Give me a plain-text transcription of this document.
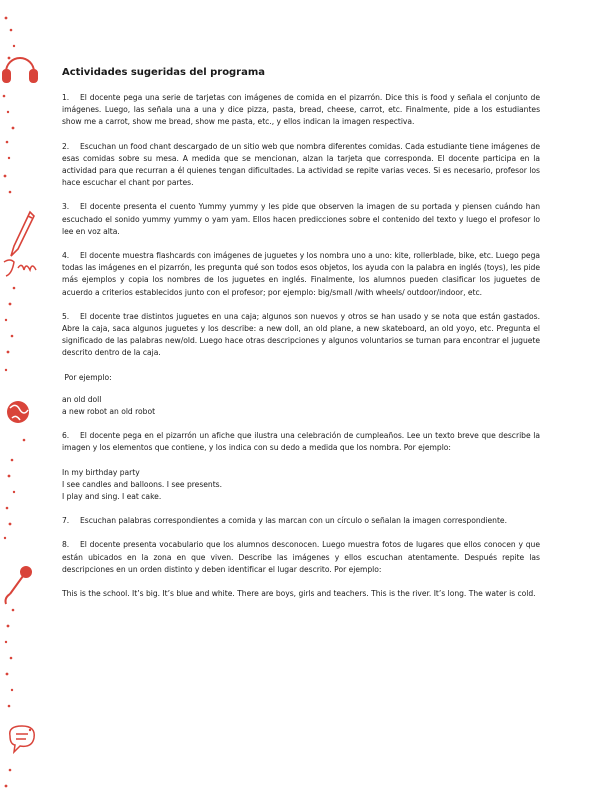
Actividades sugeridas del programa
1. El docente pega una serie de tarjetas con imágenes de comida en el pizarrón. Dice this is food y señala el conjunto de imágenes. Luego, las señala una a una y dice pizza, pasta, bread, cheese, carrot, etc. Finalmente, pide a los estudiantes show me a carrot, show me bread, show me pasta, etc., y ellos indican la imagen respectiva.
2. Escuchan un food chant descargado de un sitio web que nombra diferentes comidas. Cada estudiante tiene imágenes de esas comidas sobre su mesa. A medida que se mencionan, alzan la tarjeta que corresponda. El docente participa en la actividad para que recurran a él quienes tengan dificultades. La actividad se repite varias veces. Si es necesario, profesor los hace escuchar el chant por partes.
3. El docente presenta el cuento Yummy yummy y les pide que observen la imagen de su portada y piensen cuándo han escuchado el sonido yummy yummy o yam yam. Ellos hacen predicciones sobre el contenido del texto y luego el profesor lo lee en voz alta.
4. El docente muestra flashcards con imágenes de juguetes y los nombra uno a uno: kite, rollerblade, bike, etc. Luego pega todas las imágenes en el pizarrón, les pregunta qué son todos esos objetos, los ayuda con la palabra en inglés (toys), les pide más ejemplos y copia los nombres de los juguetes en inglés. Finalmente, los alumnos pueden clasificar los juguetes de acuerdo a criterios establecidos junto con el profesor; por ejemplo: big/small /with wheels/ outdoor/indoor, etc.
5. El docente trae distintos juguetes en una caja; algunos son nuevos y otros se han usado y se nota que están gastados. Abre la caja, saca algunos juguetes y los describe: a new doll, an old plane, a new skateboard, an old yoyo, etc. Pregunta el significado de las palabras new/old. Luego hace otras descripciones y algunos voluntarios se turnan para encontrar el juguete descrito dentro de la caja.
Por ejemplo:
an old doll
a new robot an old robot
6. El docente pega en el pizarrón un afiche que ilustra una celebración de cumpleaños. Lee un texto breve que describe la imagen y los elementos que contiene, y los indica con su dedo a medida que los nombra. Por ejemplo:
In my birthday party
I see candles and balloons. I see presents.
I play and sing. I eat cake.
7. Escuchan palabras correspondientes a comida y las marcan con un círculo o señalan la imagen correspondiente.
8. El docente presenta vocabulario que los alumnos desconocen. Luego muestra fotos de lugares que ellos conocen y que están ubicados en la zona en que viven. Describe las imágenes y ellos escuchan atentamente. Después repite las descripciones en un orden distinto y deben identificar el lugar descrito. Por ejemplo:
This is the school. It’s big. It’s blue and white. There are boys, girls and teachers. This is the river. It’s long. The water is cold.
